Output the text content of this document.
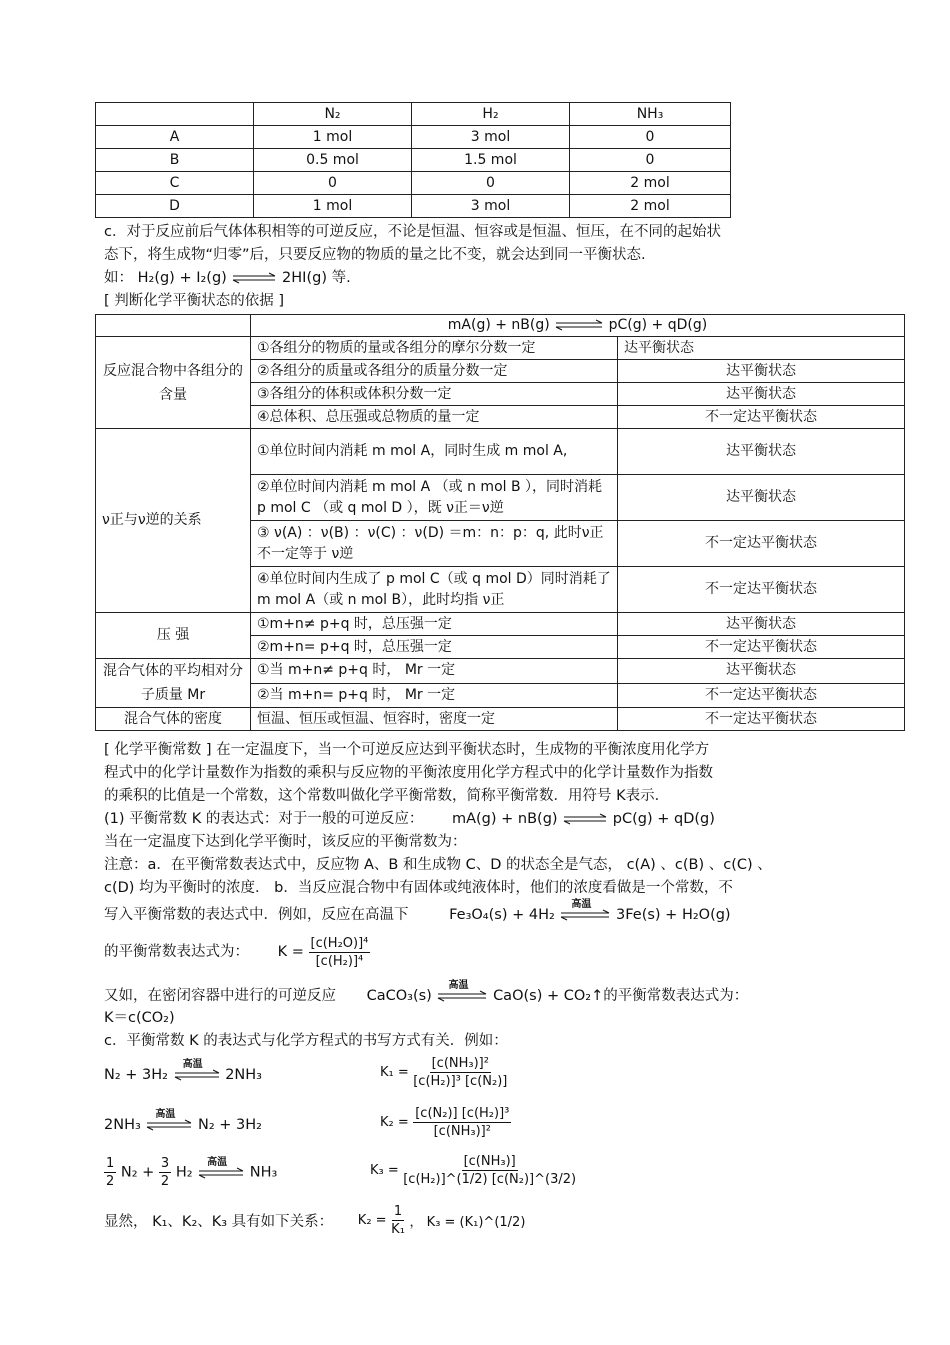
	N₂	H₂	NH₃
A	1 mol	3 mol	0
B	0.5 mol	1.5 mol	0
C	0	0	2 mol
D	1 mol	3 mol	2 mol
c．对于反应前后气体体积相等的可逆反应，不论是恒温、恒容或是恒温、恒压，在不同的起始状
态下，将生成物“归零”后，只要反应物的物质的量之比不变，就会达到同一平衡状态.
如： H₂(g) + I₂(g) ⇌ 2HI(g) 等.
[ 判断化学平衡状态的依据 ]
	mA(g) + nB(g) ⇌ pC(g) + qD(g)	
反应混合物中各组分的含量	①各组分的物质的量或各组分的摩尔分数一定	达平衡状态
	②各组分的质量或各组分的质量分数一定	达平衡状态
	③各组分的体积或体积分数一定	达平衡状态
	④总体积、总压强或总物质的量一定	不一定达平衡状态
ν正与ν逆的关系	①单位时间内消耗 m mol A，同时生成 m mol A,	达平衡状态
	②单位时间内消耗 m mol A （或 n mol B ），同时消耗 p mol C （或 q mol D ），既 ν正＝ν逆	达平衡状态
	③ ν(A) ：ν(B) ：ν(C) ：ν(D) ＝m：n：p：q, 此时ν正不一定等于 ν逆	不一定达平衡状态
	④单位时间内生成了 p mol C（或 q mol D）同时消耗了 m mol A（或 n mol B），此时均指 ν正	不一定达平衡状态
压 强	①m+n≠ p+q 时，总压强一定	达平衡状态
	②m+n= p+q 时，总压强一定	不一定达平衡状态
混合气体的平均相对分子质量 Mr	①当 m+n≠ p+q 时， Mr 一定	达平衡状态
	②当 m+n= p+q 时， Mr 一定	不一定达平衡状态
混合气体的密度	恒温、恒压或恒温、恒容时，密度一定	不一定达平衡状态
[ 化学平衡常数 ] 在一定温度下，当一个可逆反应达到平衡状态时，生成物的平衡浓度用化学方
程式中的化学计量数作为指数的乘积与反应物的平衡浓度用化学方程式中的化学计量数作为指数
的乘积的比值是一个常数，这个常数叫做化学平衡常数，简称平衡常数．用符号 K表示．
(1) 平衡常数 K 的表达式：对于一般的可逆反应： mA(g) + nB(g) ⇌ pC(g) + qD(g)
当在一定温度下达到化学平衡时，该反应的平衡常数为：
注意：a．在平衡常数表达式中，反应物 A、B 和生成物 C、D 的状态全是气态， c(A) 、c(B) 、c(C) 、
c(D) 均为平衡时的浓度． b．当反应混合物中有固体或纯液体时，他们的浓度看做是一个常数，不
写入平衡常数的表达式中．例如，反应在高温下	Fe₃O₄(s) + 4H₂
高温
3Fe(s) + H₂O(g)
的平衡常数表达式为： $K = \frac{\text{[c(H₂O)]⁴}}{\text{[c(H₂)]⁴}}$
又如，在密闭容器中进行的可逆反应 CaCO₃(s)
高温
CaO(s) + CO₂↑的平衡常数表达式为：
K＝c(CO₂)
c．平衡常数 K 的表达式与化学方程式的书写方式有关．例如：
N₂ + 3H₂
高温
2NH₃	$K_1 = \frac{\text{[c(NH₃)]²}}{\text{[c(H₂)]³ [c(N₂)]}}$
2NH₃
高温
N₂ + 3H₂	$K_2 = \frac{\text{[c(N₂)] [c(H₂)]³}}{\text{[c(NH₃)]²}}$
$\frac{1}{2} N_2 + \frac{3}{2} H_2$
高温
NH₃	$K_3 = \frac{\text{[c(NH₃)]}}{\text{[c(H₂)]\textasciicircum{}(1/2) [c(N₂)]\textasciicircum{}(3/2)}}$
显然， K₁、K₂、K₃ 具有如下关系： $K_2 = \frac{1}{\text{K₁}}$ ， K₃ = (K₁)^(1/2)
